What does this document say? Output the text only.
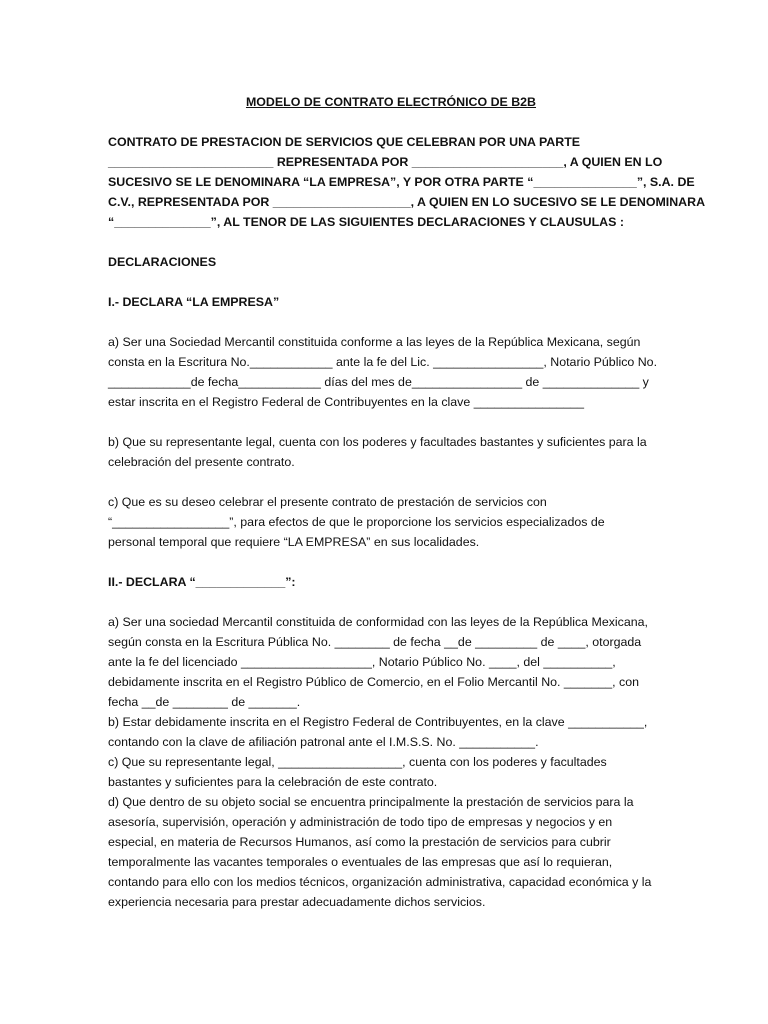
MODELO DE CONTRATO ELECTRÓNICO DE B2B

CONTRATO DE PRESTACION DE SERVICIOS QUE CELEBRAN POR UNA PARTE
________________________ REPRESENTADA POR ______________________, A QUIEN EN LO
SUCESIVO SE LE DENOMINARA “LA EMPRESA”, Y POR OTRA PARTE “_______________”, S.A. DE
C.V., REPRESENTADA POR ____________________, A QUIEN EN LO SUCESIVO SE LE DENOMINARA
“______________”, AL TENOR DE LAS SIGUIENTES DECLARACIONES Y CLAUSULAS :

DECLARACIONES

I.- DECLARA “LA EMPRESA”

a) Ser una Sociedad Mercantil constituida conforme a las leyes de la República Mexicana, según
consta en la Escritura No.____________ ante la fe del Lic. ________________, Notario Público No.
____________de fecha____________ días del mes de________________ de ______________ y
estar inscrita en el Registro Federal de Contribuyentes en la clave ________________
b) Que su representante legal, cuenta con los poderes y facultades bastantes y suficientes para la
celebración del presente contrato.
c) Que es su deseo celebrar el presente contrato de prestación de servicios con
“_________________”, para efectos de que le proporcione los servicios especializados de
personal temporal que requiere “LA EMPRESA” en sus localidades.

II.- DECLARA “_____________”:

a) Ser una sociedad Mercantil constituida de conformidad con las leyes de la República Mexicana,
según consta en la Escritura Pública No. ________ de fecha __de _________ de ____, otorgada
ante la fe del licenciado ___________________, Notario Público No. ____, del __________,
debidamente inscrita en el Registro Público de Comercio, en el Folio Mercantil No. _______, con
fecha __de ________ de _______.
b) Estar debidamente inscrita en el Registro Federal de Contribuyentes, en la clave ___________,
contando con la clave de afiliación patronal ante el I.M.S.S. No. ___________.
c) Que su representante legal, __________________, cuenta con los poderes y facultades
bastantes y suficientes para la celebración de este contrato.
d) Que dentro de su objeto social se encuentra principalmente la prestación de servicios para la
asesoría, supervisión, operación y administración de todo tipo de empresas y negocios y en
especial, en materia de Recursos Humanos, así como la prestación de servicios para cubrir
temporalmente las vacantes temporales o eventuales de las empresas que así lo requieran,
contando para ello con los medios técnicos, organización administrativa, capacidad económica y la
experiencia necesaria para prestar adecuadamente dichos servicios.
